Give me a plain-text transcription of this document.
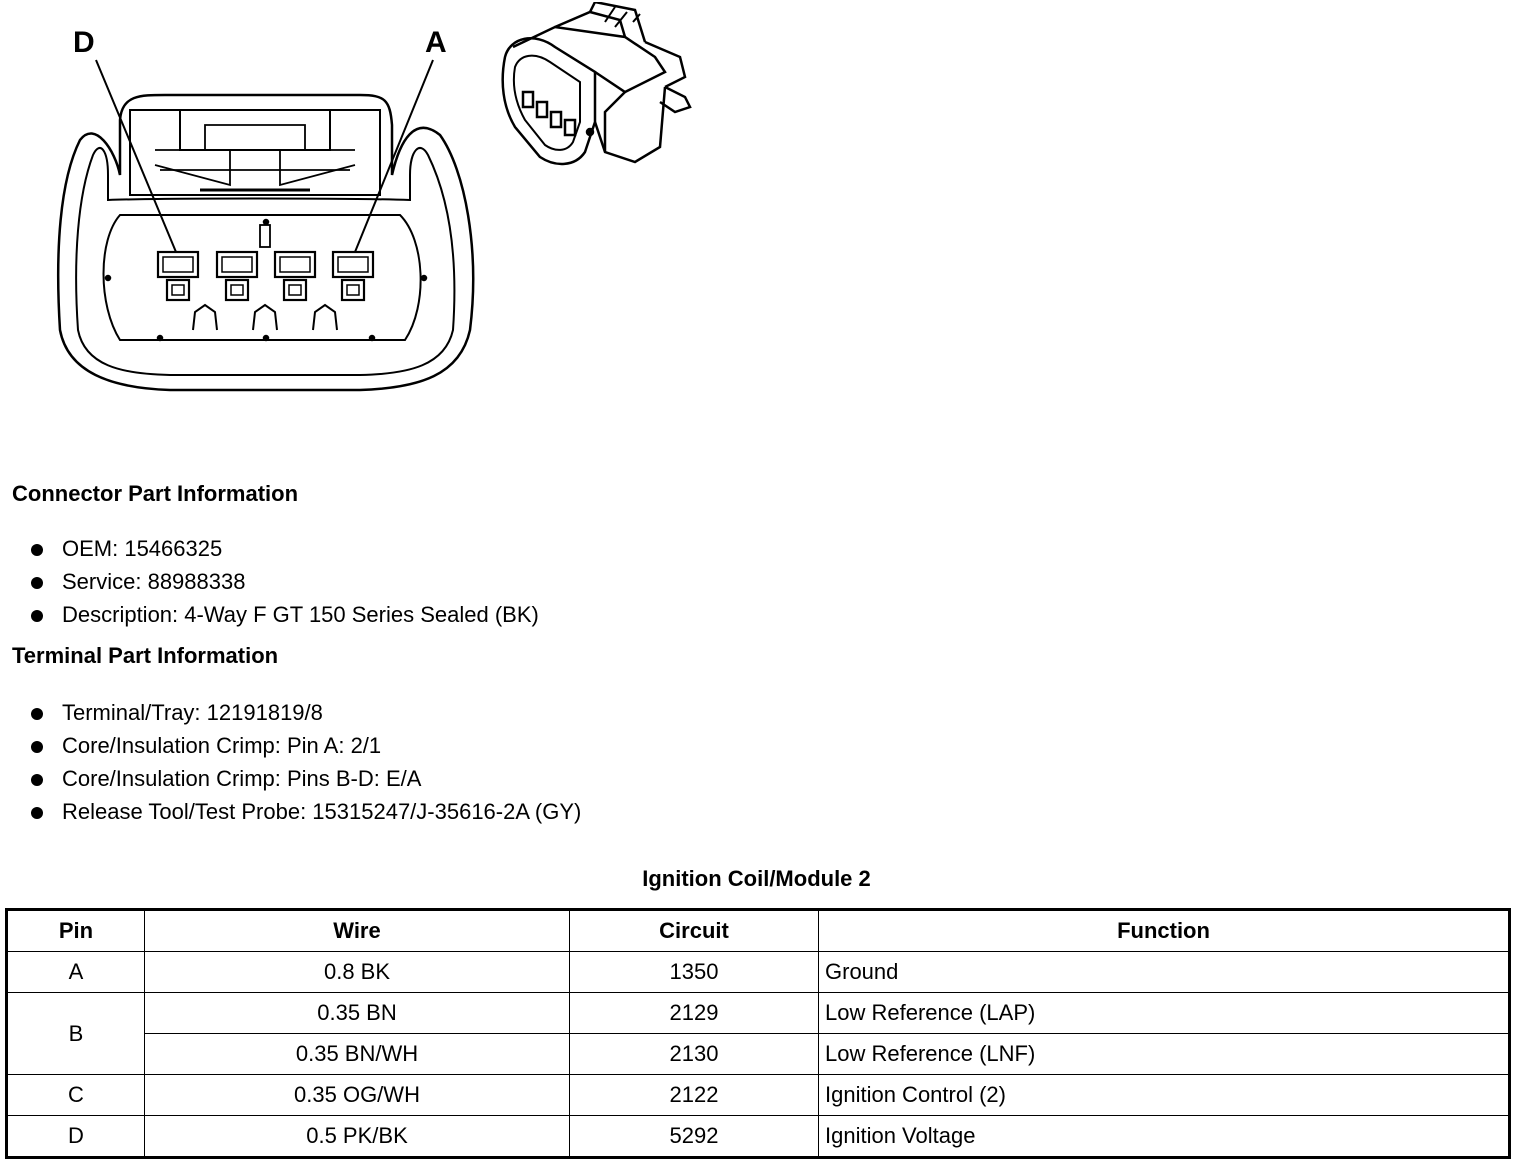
D	A
Connector Part Information
OEM: 15466325
Service: 88988338
Description: 4-Way F GT 150 Series Sealed (BK)
Terminal Part Information
Terminal/Tray: 12191819/8
Core/Insulation Crimp: Pin A: 2/1
Core/Insulation Crimp: Pins B-D: E/A
Release Tool/Test Probe: 15315247/J-35616-2A (GY)
Ignition Coil/Module 2
Pin	Wire	Circuit	Function
A	0.8 BK	1350	Ground
B	0.35 BN	2129	Low Reference (LAP)
	0.35 BN/WH	2130	Low Reference (LNF)
C	0.35 OG/WH	2122	Ignition Control (2)
D	0.5 PK/BK	5292	Ignition Voltage
